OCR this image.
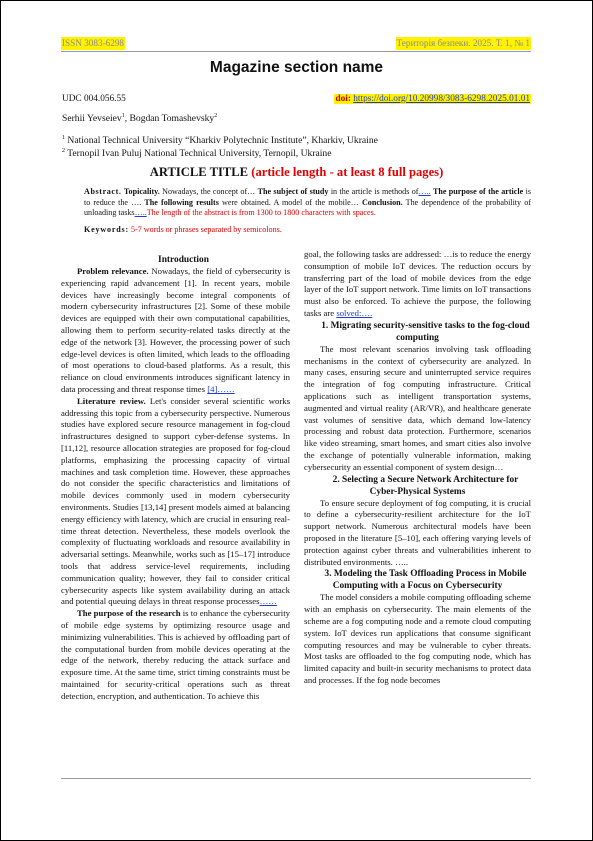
ISSN 3083-6298	Територія безпеки. 2025. Т. 1, № 1
Magazine section name
UDC 004.056.55	doi: https://doi.org/10.20998/3083-6298.2025.01.01
Serhii Yevseiev$^1$, Bogdan Tomashevsky$^2$
$^1$ National Technical University “Kharkiv Polytechnic Institute”, Kharkiv, Ukraine
$^2$ Ternopil Ivan Puluj National Technical University, Ternopil, Ukraine
ARTICLE TITLE (article length - at least 8 full pages)
Abstract. Topicality. Nowadays, the concept of… The subject of study in the article is methods of….. The purpose of the article is to reduce the …. The following results were obtained. A model of the mobile… Conclusion. The dependence of the probability of unloading tasks…..The length of the abstract is from 1300 to 1800 characters with spaces.
Keywords: 5-7 words or phrases separated by semicolons.

Introduction

Problem relevance. Nowadays, the field of cybersecurity is experiencing rapid advancement [1]. In recent years, mobile devices have increasingly become integral components of modern cybersecurity infrastructures [2]. Some of these mobile devices are equipped with their own computational capabilities, allowing them to perform security-related tasks directly at the edge of the network [3]. However, the processing power of such edge-level devices is often limited, which leads to the offloading of most operations to cloud-based platforms. As a result, this reliance on cloud environments introduces significant latency in data processing and threat response times [4]……

Literature review. Let's consider several scientific works addressing this topic from a cybersecurity perspective. Numerous studies have explored secure resource management in fog-cloud infrastructures designed to support cyber-defense systems. In [11,12], resource allocation strategies are proposed for fog-cloud platforms, emphasizing the processing capacity of virtual machines and task completion time. However, these approaches do not consider the specific characteristics and limitations of mobile devices commonly used in modern cybersecurity environments. Studies [13,14] present models aimed at balancing energy efficiency with latency, which are crucial in ensuring real-time threat detection. Nevertheless, these models overlook the complexity of fluctuating workloads and resource availability in adversarial settings. Meanwhile, works such as [15–17] introduce tools that address service-level requirements, including communication quality; however, they fail to consider critical cybersecurity aspects like system availability during an attack and potential queuing delays in threat response processes……

The purpose of the research is to enhance the cybersecurity of mobile edge systems by optimizing resource usage and minimizing vulnerabilities. This is achieved by offloading part of the computational burden from mobile devices operating at the edge of the network, thereby reducing the attack surface and exposure time. At the same time, strict timing constraints must be maintained for security-critical operations such as threat detection, encryption, and authentication. To achieve this

goal, the following tasks are addressed: …is to reduce the energy consumption of mobile IoT devices. The reduction occurs by transferring part of the load of mobile devices from the edge layer of the IoT support network. Time limits on IoT transactions must also be enforced. To achieve the purpose, the following tasks are solved:….

1. Migrating security-sensitive tasks to the fog-cloud computing

The most relevant scenarios involving task offloading mechanisms in the context of cybersecurity are analyzed. In many cases, ensuring secure and uninterrupted service requires the integration of fog computing infrastructure. Critical applications such as intelligent transportation systems, augmented and virtual reality (AR/VR), and healthcare generate vast volumes of sensitive data, which demand low-latency processing and robust data protection. Furthermore, scenarios like video streaming, smart homes, and smart cities also involve the exchange of potentially vulnerable information, making cybersecurity an essential component of system design…

2. Selecting a Secure Network Architecture for Cyber-Physical Systems

To ensure secure deployment of fog computing, it is crucial to define a cybersecurity-resilient architecture for the IoT support network. Numerous architectural models have been proposed in the literature [5–10], each offering varying levels of protection against cyber threats and vulnerabilities inherent to distributed environments. …..

3. Modeling the Task Offloading Process in Mobile Computing with a Focus on Cybersecurity

The model considers a mobile computing offloading scheme with an emphasis on cybersecurity. The main elements of the scheme are a fog computing node and a remote cloud computing system. IoT devices run applications that consume significant computing resources and may be vulnerable to cyber threats. Most tasks are offloaded to the fog computing node, which has limited capacity and built-in security mechanisms to protect data and processes. If the fog node becomes
